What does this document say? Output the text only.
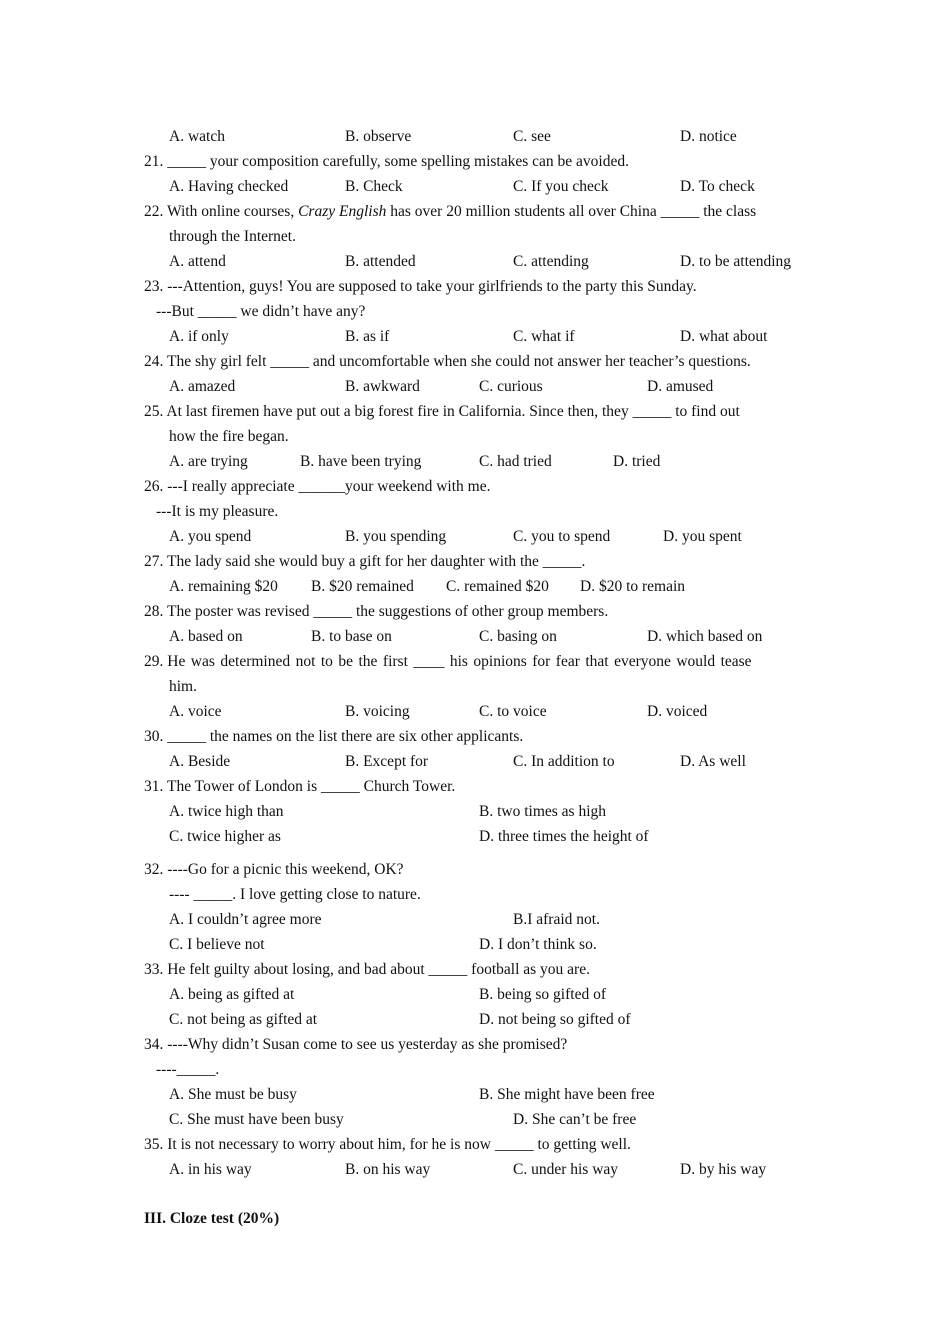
A. watch	B. observe	C. see	D. notice
21. _____ your composition carefully, some spelling mistakes can be avoided.
A. Having checked	B. Check	C. If you check	D. To check
22. With online courses, Crazy English has over 20 million students all over China _____ the class
through the Internet.
A. attend	B. attended	C. attending	D. to be attending
23. ---Attention, guys! You are supposed to take your girlfriends to the party this Sunday.
---But _____ we didn’t have any?
A. if only	B. as if	C. what if	D. what about
24. The shy girl felt _____ and uncomfortable when she could not answer her teacher’s questions.
A. amazed	B. awkward	C. curious	D. amused
25. At last firemen have put out a big forest fire in California. Since then, they _____ to find out
how the fire began.
A. are trying	B. have been trying	C. had tried	D. tried
26. ---I really appreciate ______your weekend with me.
---It is my pleasure.
A. you spend	B. you spending	C. you to spend	D. you spent
27. The lady said she would buy a gift for her daughter with the _____.
A. remaining $20 B. $20 remained C. remained $20 D. $20 to remain
28. The poster was revised _____ the suggestions of other group members.
A. based on	B. to base on	C. basing on	D. which based on
29. He was determined not to be the first ____ his opinions for fear that everyone would tease
him.
A. voice	B. voicing	C. to voice	D. voiced
30. _____ the names on the list there are six other applicants.
A. Beside	B. Except for	C. In addition to	D. As well
31. The Tower of London is _____ Church Tower.
A. twice high than	B. two times as high
C. twice higher as	D. three times the height of
32. ----Go for a picnic this weekend, OK?
---- _____. I love getting close to nature.
A. I couldn’t agree more	B.I afraid not.
C. I believe not	D. I don’t think so.
33. He felt guilty about losing, and bad about _____ football as you are.
A. being as gifted at	B. being so gifted of
C. not being as gifted at	D. not being so gifted of
34. ----Why didn’t Susan come to see us yesterday as she promised?
----_____.
A. She must be busy	B. She might have been free
C. She must have been busy	D. She can’t be free
35. It is not necessary to worry about him, for he is now _____ to getting well.
A. in his way	B. on his way	C. under his way	D. by his way
III. Cloze test (20%)
